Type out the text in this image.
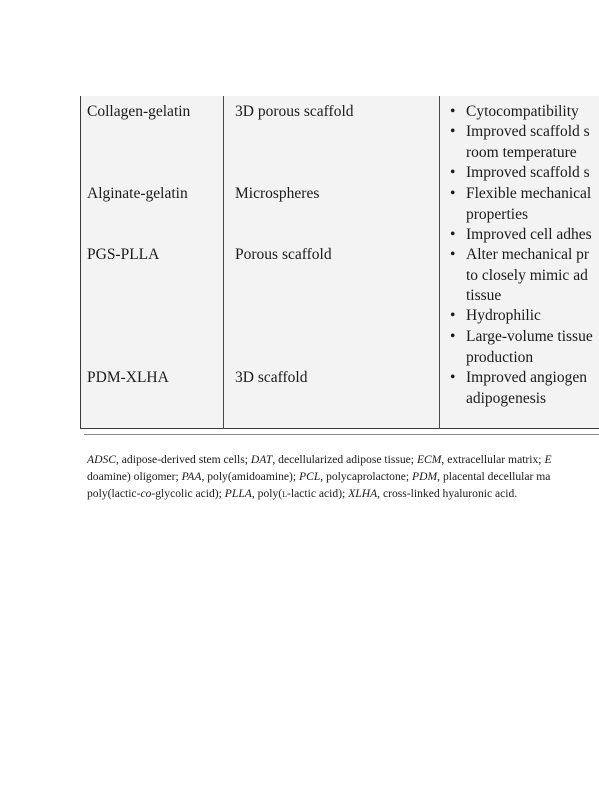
Collagen-gelatin
Alginate-gelatin
PGS-PLLA
PDM-XLHA
3D porous scaffold
Microspheres
Porous scaffold
3D scaffold
• Cytocompatibility
• Improved scaffold s
room temperature
• Improved scaffold s
• Flexible mechanical
properties
• Improved cell adhes
• Alter mechanical pr
to closely mimic ad
tissue
• Hydrophilic
• Large-volume tissue
production
• Improved angiogen
adipogenesis
ADSC, adipose-derived stem cells; DAT, decellularized adipose tissue; ECM, extracellular matrix; E
doamine) oligomer; PAA, poly(amidoamine); PCL, polycaprolactone; PDM, placental decellular ma
poly(lactic-co-glycolic acid); PLLA, poly(l-lactic acid); XLHA, cross-linked hyaluronic acid.
